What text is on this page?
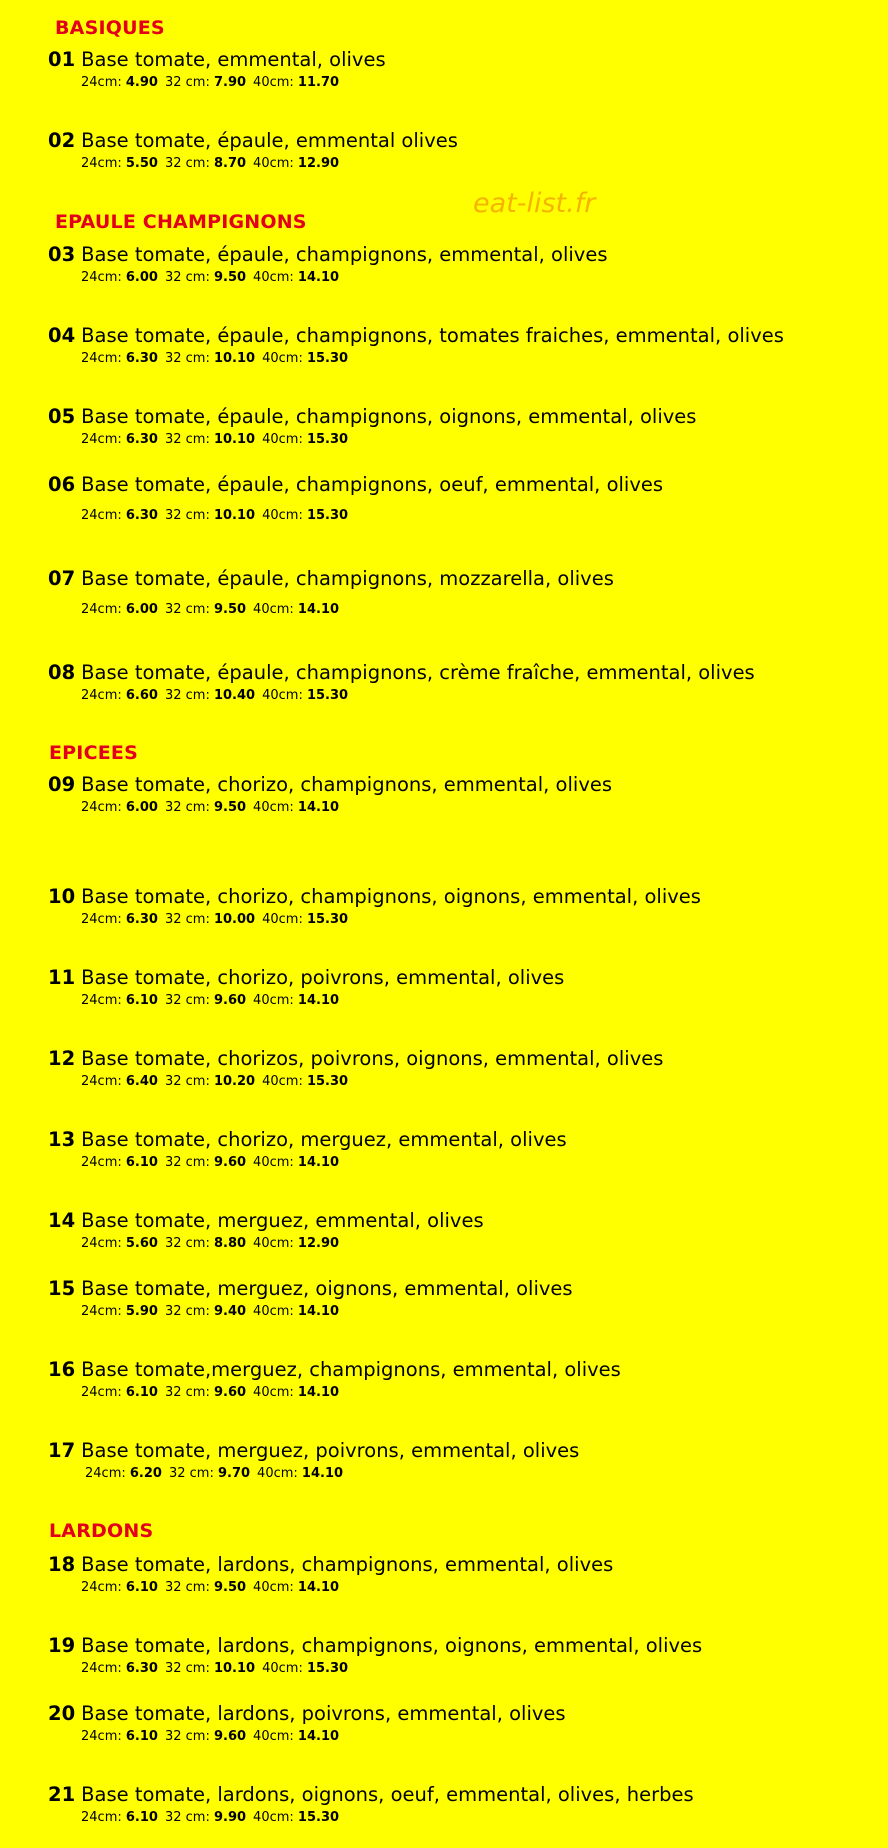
eat-list.fr
BASIQUES
EPAULE CHAMPIGNONS
EPICEES
LARDONS
01 Base tomate, emmental, olives
24cm: 4.90 32 cm: 7.90 40cm: 11.70
02 Base tomate, épaule, emmental olives
24cm: 5.50 32 cm: 8.70 40cm: 12.90
03 Base tomate, épaule, champignons, emmental, olives
24cm: 6.00 32 cm: 9.50 40cm: 14.10
04 Base tomate, épaule, champignons, tomates fraiches, emmental, olives
24cm: 6.30 32 cm: 10.10 40cm: 15.30
05 Base tomate, épaule, champignons, oignons, emmental, olives
24cm: 6.30 32 cm: 10.10 40cm: 15.30
06 Base tomate, épaule, champignons, oeuf, emmental, olives
24cm: 6.30 32 cm: 10.10 40cm: 15.30
07 Base tomate, épaule, champignons, mozzarella, olives
24cm: 6.00 32 cm: 9.50 40cm: 14.10
08 Base tomate, épaule, champignons, crème fraîche, emmental, olives
24cm: 6.60 32 cm: 10.40 40cm: 15.30
09 Base tomate, chorizo, champignons, emmental, olives
24cm: 6.00 32 cm: 9.50 40cm: 14.10
10 Base tomate, chorizo, champignons, oignons, emmental, olives
24cm: 6.30 32 cm: 10.00 40cm: 15.30
11 Base tomate, chorizo, poivrons, emmental, olives
24cm: 6.10 32 cm: 9.60 40cm: 14.10
12 Base tomate, chorizos, poivrons, oignons, emmental, olives
24cm: 6.40 32 cm: 10.20 40cm: 15.30
13 Base tomate, chorizo, merguez, emmental, olives
24cm: 6.10 32 cm: 9.60 40cm: 14.10
14 Base tomate, merguez, emmental, olives
24cm: 5.60 32 cm: 8.80 40cm: 12.90
15 Base tomate, merguez, oignons, emmental, olives
24cm: 5.90 32 cm: 9.40 40cm: 14.10
16 Base tomate,merguez, champignons, emmental, olives
24cm: 6.10 32 cm: 9.60 40cm: 14.10
17 Base tomate, merguez, poivrons, emmental, olives
24cm: 6.20 32 cm: 9.70 40cm: 14.10
18 Base tomate, lardons, champignons, emmental, olives
24cm: 6.10 32 cm: 9.50 40cm: 14.10
19 Base tomate, lardons, champignons, oignons, emmental, olives
24cm: 6.30 32 cm: 10.10 40cm: 15.30
20 Base tomate, lardons, poivrons, emmental, olives
24cm: 6.10 32 cm: 9.60 40cm: 14.10
21 Base tomate, lardons, oignons, oeuf, emmental, olives, herbes
24cm: 6.10 32 cm: 9.90 40cm: 15.30
